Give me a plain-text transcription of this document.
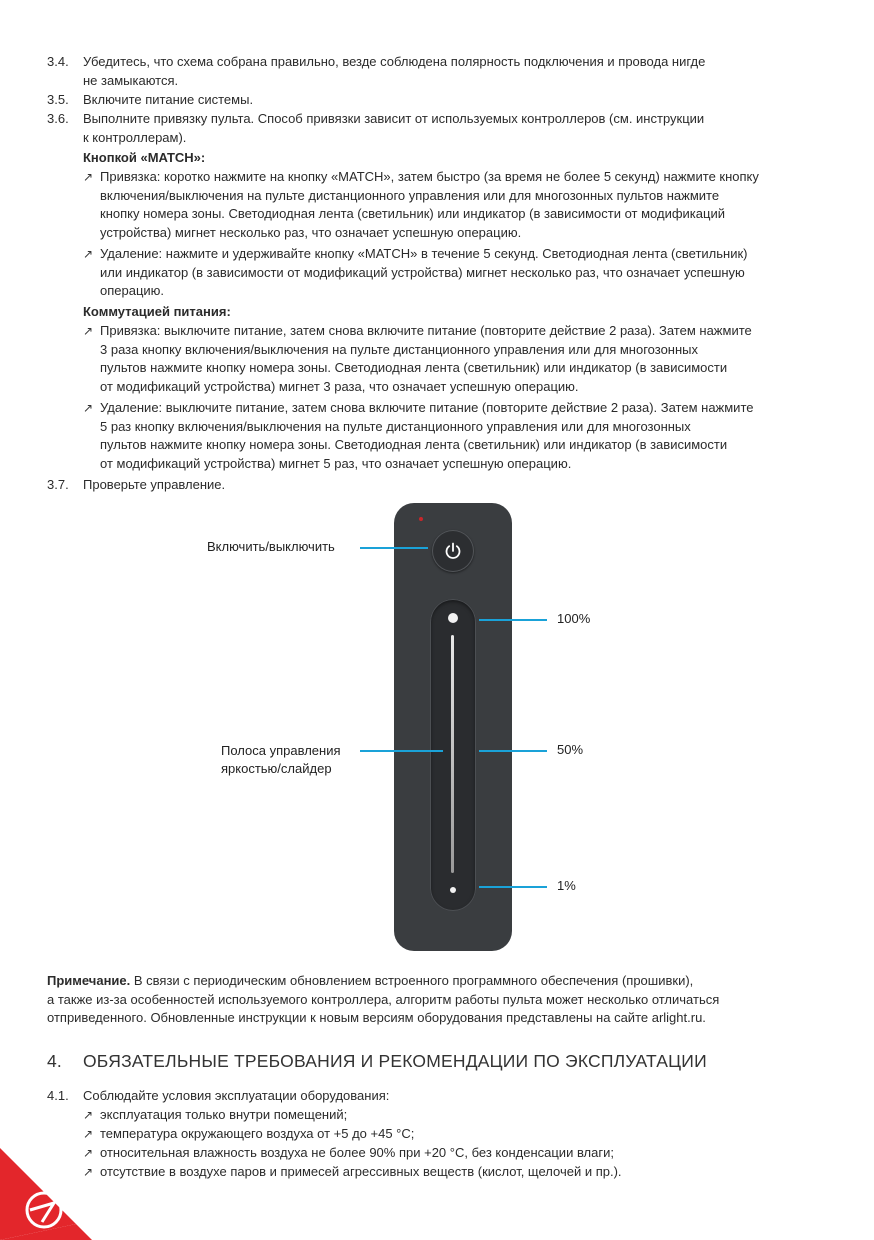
3.4.	Убедитесь, что схема собрана правильно, везде соблюдена полярность подключения и провода нигде
не замыкаются.
3.5.	Включите питание системы.
3.6.	Выполните привязку пульта. Способ привязки зависит от используемых контроллеров (см. инструкции
к контроллерам).
Кнопкой «MATCH»:
↗ Привязка: коротко нажмите на кнопку «MATCH», затем быстро (за время не более 5 секунд) нажмите кнопку
включения/выключения на пульте дистанционного управления или для многозонных пультов нажмите
кнопку номера зоны. Светодиодная лента (светильник) или индикатор (в зависимости от модификаций
устройства) мигнет несколько раз, что означает успешную операцию.
↗ Удаление: нажмите и удерживайте кнопку «MATCH» в течение 5 секунд. Светодиодная лента (светильник)
или индикатор (в зависимости от модификаций устройства) мигнет несколько раз, что означает успешную
операцию.
Коммутацией питания:
↗ Привязка: выключите питание, затем снова включите питание (повторите действие 2 раза). Затем нажмите
3 раза кнопку включения/выключения на пульте дистанционного управления или для многозонных
пультов нажмите кнопку номера зоны. Светодиодная лента (светильник) или индикатор (в зависимости
от модификаций устройства) мигнет 3 раза, что означает успешную операцию.
↗ Удаление: выключите питание, затем снова включите питание (повторите действие 2 раза). Затем нажмите
5 раз кнопку включения/выключения на пульте дистанционного управления или для многозонных
пультов нажмите кнопку номера зоны. Светодиодная лента (светильник) или индикатор (в зависимости
от модификаций устройства) мигнет 5 раз, что означает успешную операцию.
3.7.	Проверьте управление.
Включить/выключить
100%
Полоса управления
яркостью/слайдер
50%
1%
Примечание. В связи с периодическим обновлением встроенного программного обеспечения (прошивки),
а также из-за особенностей используемого контроллера, алгоритм работы пульта может несколько отличаться
отприведенного. Обновленные инструкции к новым версиям оборудования представлены на сайте arlight.ru.
4. ОБЯЗАТЕЛЬНЫЕ ТРЕБОВАНИЯ И РЕКОМЕНДАЦИИ ПО ЭКСПЛУАТАЦИИ
4.1.	Соблюдайте условия эксплуатации оборудования:
↗ эксплуатация только внутри помещений;
↗ температура окружающего воздуха от +5 до +45 °C;
↗ относительная влажность воздуха не более 90% при +20 °C, без конденсации влаги;
↗ отсутствие в воздухе паров и примесей агрессивных веществ (кислот, щелочей и пр.).
